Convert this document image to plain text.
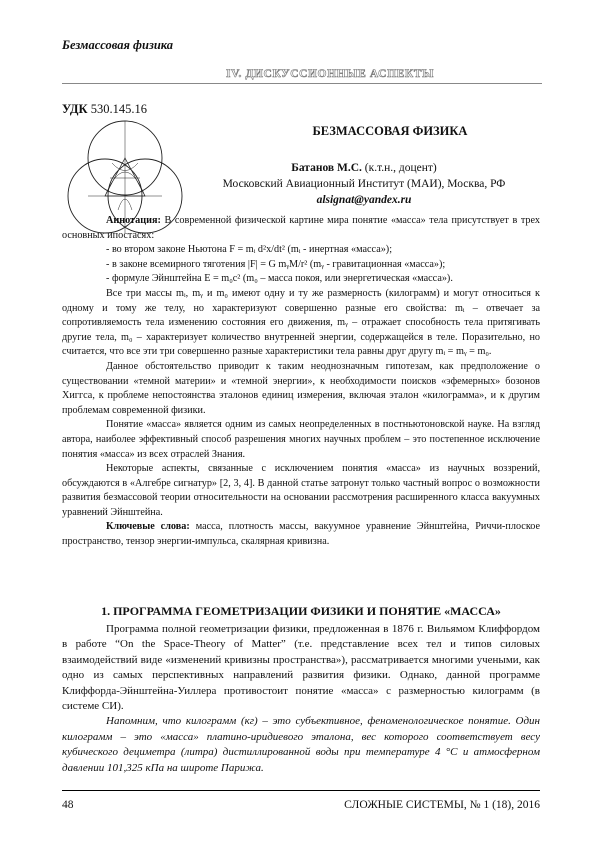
Безмассовая физика
IV. ДИСКУССИОННЫЕ АСПЕКТЫ
УДК 530.145.16
БЕЗМАССОВАЯ ФИЗИКА
Батанов М.С. (к.т.н., доцент)
Московский Авиационный Институт (МАИ), Москва, РФ
alsignat@yandex.ru

Аннотация: В современной физической картине мира понятие «масса» тела присутствует в трех основных ипостасях:

- во втором законе Ньютона F = mᵢ d²x/dt² (mᵢ - инертная «масса»);

- в законе всемирного тяготения |F| = G mᵧM/r² (mᵧ - гравитационная «масса»);

- формуле Эйнштейна E = m₀c² (m₀ – масса покоя, или энергетическая «масса»).

Все три массы mᵢ, mᵧ и m₀ имеют одну и ту же размерность (килограмм) и могут относиться к одному и тому же телу, но характеризуют совершенно разные его свойства: mᵢ – отвечает за сопротивляемость тела изменению состояния его движения, mᵧ – отражает способность тела притягивать другие тела, m₀ – характеризует количество внутренней энергии, содержащейся в теле. Поразительно, но считается, что все эти три совершенно разные характеристики тела равны друг другу mᵢ = mᵧ = m₀.

Данное обстоятельство приводит к таким неоднозначным гипотезам, как предположение о существовании «темной материи» и «темной энергии», к необходимости поисков «эфемерных» бозонов Хиггса, к проблеме непостоянства эталонов единиц измерения, включая эталон «килограмма», и к другим проблемам современной физики.

Понятие «масса» является одним из самых неопределенных в постньютоновской науке. На взгляд автора, наиболее эффективный способ разрешения многих научных проблем – это постепенное исключение понятия «масса» из всех отраслей Знания.

Некоторые аспекты, связанные с исключением понятия «масса» из научных воззрений, обсуждаются в «Алгебре сигнатур» [2, 3, 4]. В данной статье затронут только частный вопрос о возможности развития безмассовой теории относительности на основании рассмотрения расширенного класса вакуумных уравнений Эйнштейна.

Ключевые слова: масса, плотность массы, вакуумное уравнение Эйнштейна, Риччи-плоское пространство, тензор энергии-импульса, скалярная кривизна.

1. ПРОГРАММА ГЕОМЕТРИЗАЦИИ ФИЗИКИ И ПОНЯТИЕ «МАССА»

Программа полной геометризации физики, предложенная в 1876 г. Вильямом Клиффордом в работе “On the Space-Theory of Matter” (т.е. представление всех тел и типов силовых взаимодействий виде «изменений кривизны пространства»), рассматривается многими учеными, как одно из самых перспективных направлений развития физики. Однако, данной программе Клиффорда-Эйнштейна-Уиллера противостоит понятие «масса» с размерностью килограмм (в системе СИ).

Напомним, что килограмм (кг) – это субъективное, феноменологическое понятие. Один килограмм – это «масса» платино-иридиевого эталона, вес которого соответствует весу кубического дециметра (литра) дистиллированной воды при температуре 4 °C и атмосферном давлении 101,325 кПа на широте Парижа.

48	СЛОЖНЫЕ СИСТЕМЫ, № 1 (18), 2016
